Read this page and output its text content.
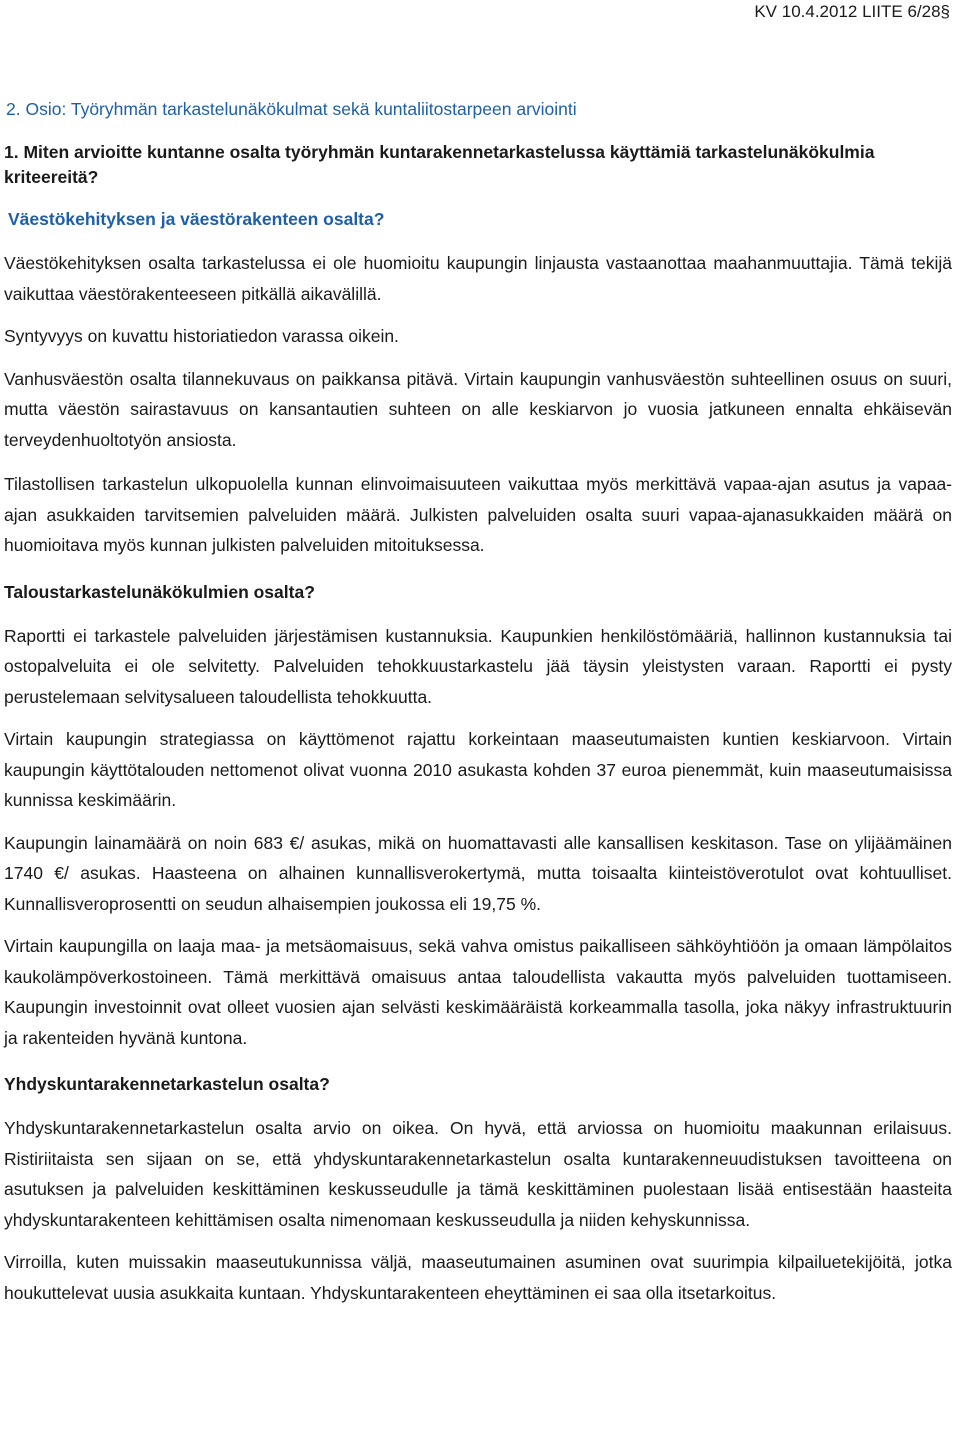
KV 10.4.2012 LIITE 6/28§
2. Osio: Työryhmän tarkastelunäkökulmat sekä kuntaliitostarpeen arviointi

1. Miten arvioitte kuntanne osalta työryhmän kuntarakennetarkastelussa käyttämiä tarkastelunäkökulmia kriteereitä?

Väestökehityksen ja väestörakenteen osalta?

Väestökehityksen osalta tarkastelussa ei ole huomioitu kaupungin linjausta vastaanottaa maahanmuuttajia. Tämä tekijä vaikuttaa väestörakenteeseen pitkällä aikavälillä.

Syntyvyys on kuvattu historiatiedon varassa oikein.

Vanhusväestön osalta tilannekuvaus on paikkansa pitävä. Virtain kaupungin vanhusväestön suhteellinen osuus on suuri, mutta väestön sairastavuus on kansantautien suhteen on alle keskiarvon jo vuosia jatkuneen ennalta ehkäisevän terveydenhuoltotyön ansiosta.

Tilastollisen tarkastelun ulkopuolella kunnan elinvoimaisuuteen vaikuttaa myös merkittävä vapaa-ajan asutus ja vapaa-ajan asukkaiden tarvitsemien palveluiden määrä. Julkisten palveluiden osalta suuri vapaa-ajanasukkaiden määrä on huomioitava myös kunnan julkisten palveluiden mitoituksessa.

Taloustarkastelunäkökulmien osalta?

Raportti ei tarkastele palveluiden järjestämisen kustannuksia. Kaupunkien henkilöstömääriä, hallinnon kustannuksia tai ostopalveluita ei ole selvitetty. Palveluiden tehokkuustarkastelu jää täysin yleistysten varaan. Raportti ei pysty perustelemaan selvitysalueen taloudellista tehokkuutta.

Virtain kaupungin strategiassa on käyttömenot rajattu korkeintaan maaseutumaisten kuntien keskiarvoon. Virtain kaupungin käyttötalouden nettomenot olivat vuonna 2010 asukasta kohden 37 euroa pienemmät, kuin maaseutumaisissa kunnissa keskimäärin.

Kaupungin lainamäärä on noin 683 €/ asukas, mikä on huomattavasti alle kansallisen keskitason. Tase on ylijäämäinen 1740 €/ asukas. Haasteena on alhainen kunnallisverokertymä, mutta toisaalta kiinteistöverotulot ovat kohtuulliset. Kunnallisveroprosentti on seudun alhaisempien joukossa eli 19,75 %.

Virtain kaupungilla on laaja maa- ja metsäomaisuus, sekä vahva omistus paikalliseen sähköyhtiöön ja omaan lämpölaitos kaukolämpöverkostoineen. Tämä merkittävä omaisuus antaa taloudellista vakautta myös palveluiden tuottamiseen. Kaupungin investoinnit ovat olleet vuosien ajan selvästi keskimääräistä korkeammalla tasolla, joka näkyy infrastruktuurin ja rakenteiden hyvänä kuntona.

Yhdyskuntarakennetarkastelun osalta?

Yhdyskuntarakennetarkastelun osalta arvio on oikea. On hyvä, että arviossa on huomioitu maakunnan erilaisuus. Ristiriitaista sen sijaan on se, että yhdyskuntarakennetarkastelun osalta kuntarakenneuudistuksen tavoitteena on asutuksen ja palveluiden keskittäminen keskusseudulle ja tämä keskittäminen puolestaan lisää entisestään haasteita yhdyskuntarakenteen kehittämisen osalta nimenomaan keskusseudulla ja niiden kehyskunnissa.

Virroilla, kuten muissakin maaseutukunnissa väljä, maaseutumainen asuminen ovat suurimpia kilpailuetekijöitä, jotka houkuttelevat uusia asukkaita kuntaan. Yhdyskuntarakenteen eheyttäminen ei saa olla itsetarkoitus.
